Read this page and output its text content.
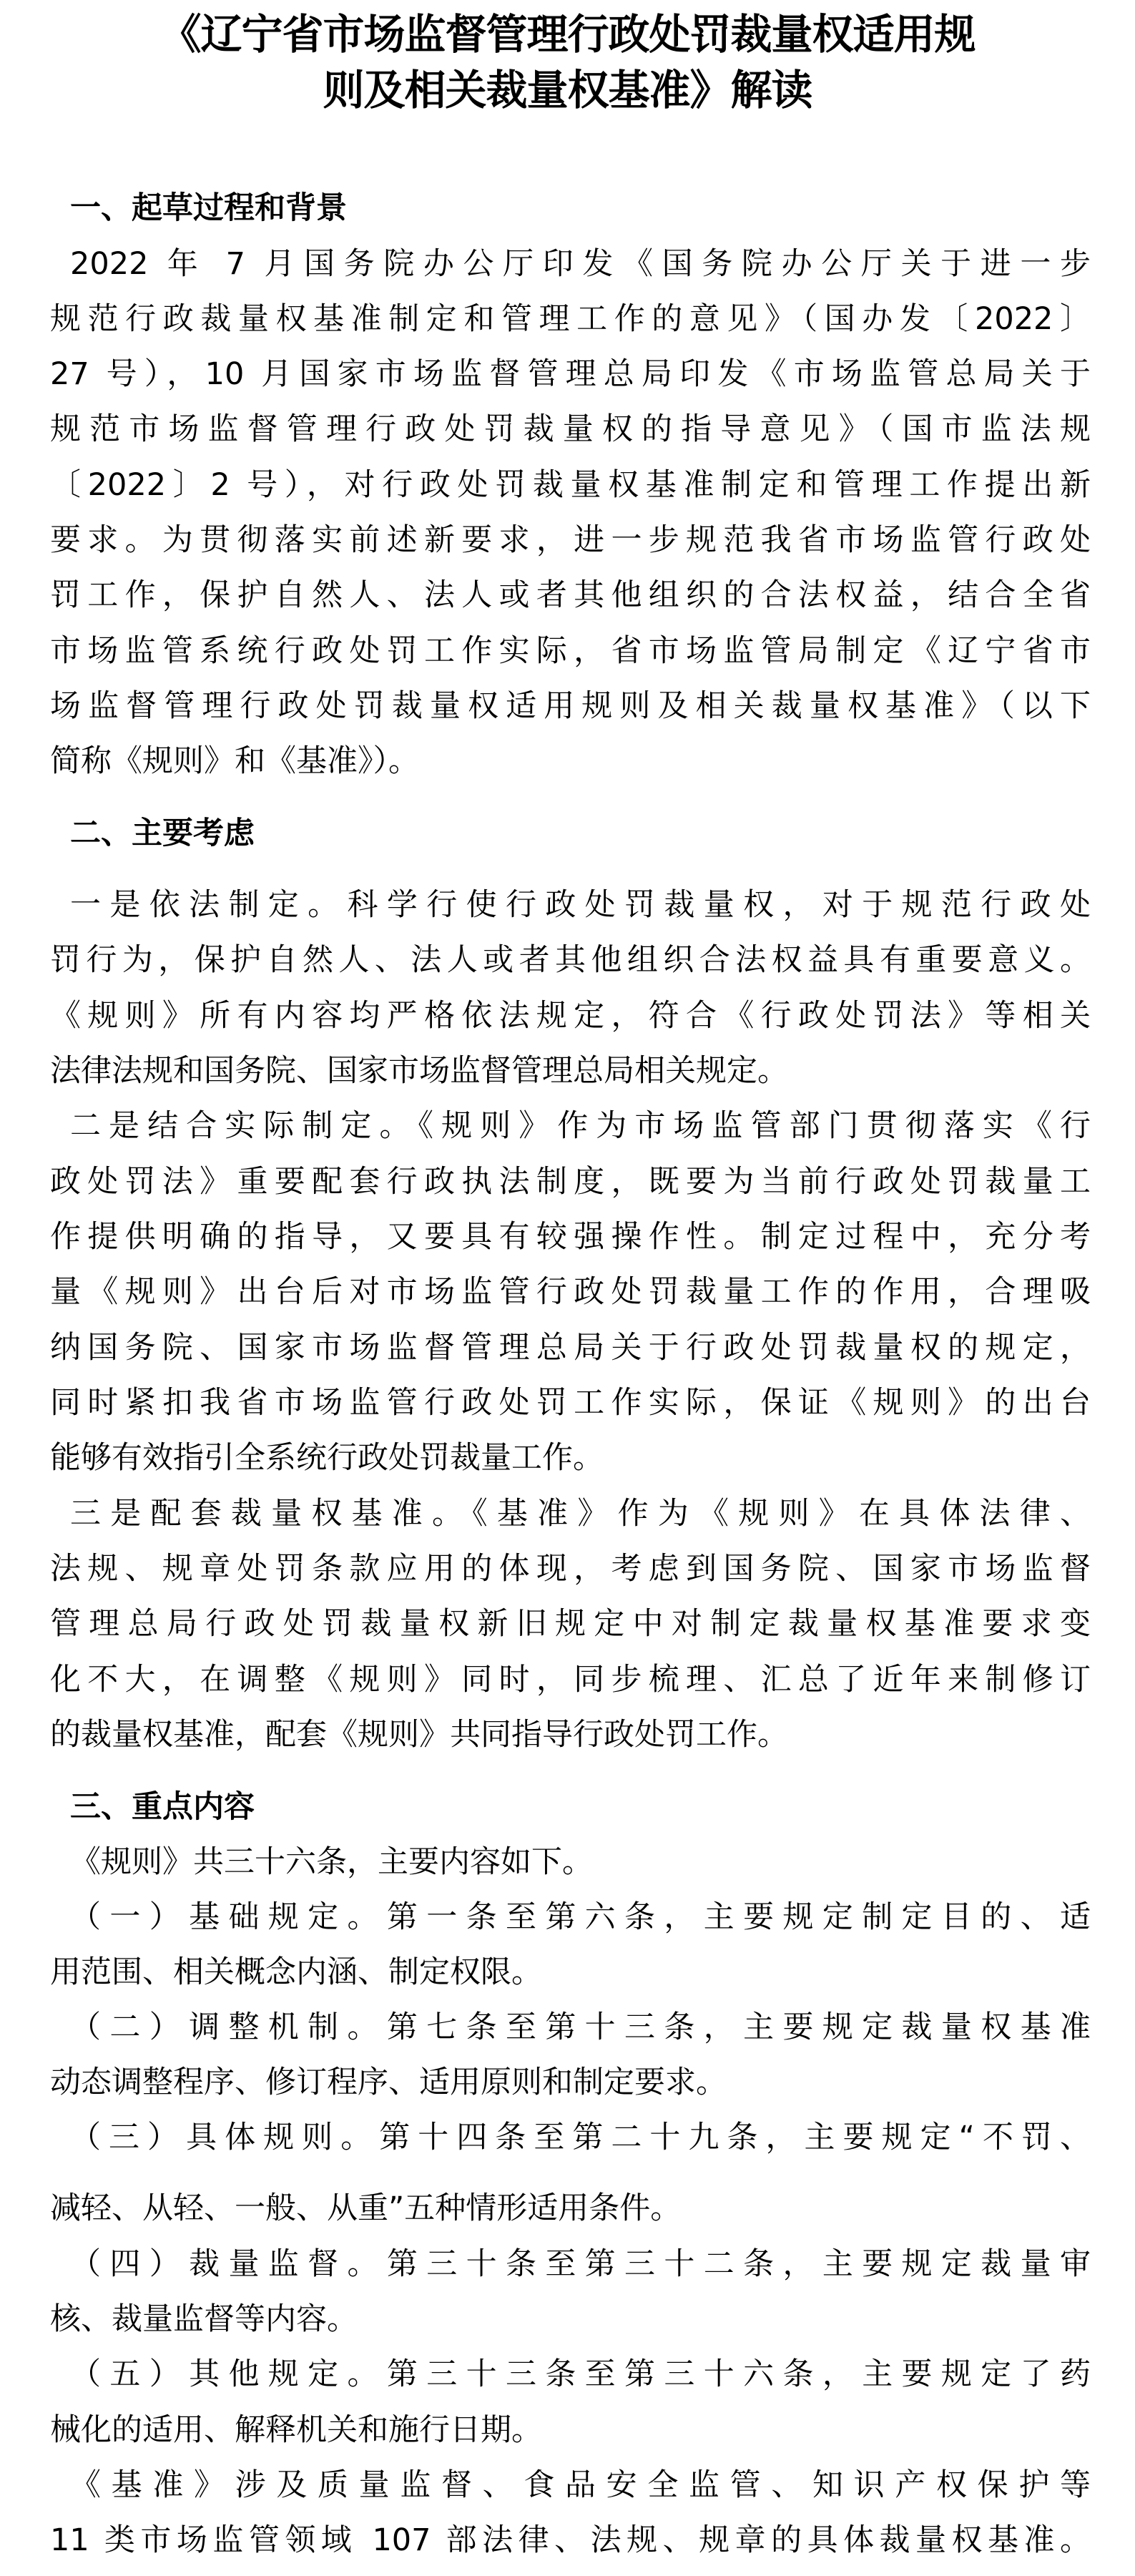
《辽宁省市场监督管理行政处罚裁量权适用规
则及相关裁量权基准》解读
一、起草过程和背景
2022 年 7 月国务院办公厅印发《国务院办公厅关于进一步
规范行政裁量权基准制定和管理工作的意见》（国办发〔2022〕
27 号），10 月国家市场监督管理总局印发《市场监管总局关于
规范市场监督管理行政处罚裁量权的指导意见》（国市监法规
〔2022〕2 号），对行政处罚裁量权基准制定和管理工作提出新
要求。为贯彻落实前述新要求，进一步规范我省市场监管行政处
罚工作，保护自然人、法人或者其他组织的合法权益，结合全省
市场监管系统行政处罚工作实际，省市场监管局制定《辽宁省市
场监督管理行政处罚裁量权适用规则及相关裁量权基准》（以下
简称《规则》和《基准》）。
二、主要考虑
一是依法制定。科学行使行政处罚裁量权，对于规范行政处
罚行为，保护自然人、法人或者其他组织合法权益具有重要意义。
《规则》所有内容均严格依法规定，符合《行政处罚法》等相关
法律法规和国务院、国家市场监督管理总局相关规定。
二是结合实际制定。《规则》作为市场监管部门贯彻落实《行
政处罚法》重要配套行政执法制度，既要为当前行政处罚裁量工
作提供明确的指导，又要具有较强操作性。制定过程中，充分考
量《规则》出台后对市场监管行政处罚裁量工作的作用，合理吸
纳国务院、国家市场监督管理总局关于行政处罚裁量权的规定，
同时紧扣我省市场监管行政处罚工作实际，保证《规则》的出台
能够有效指引全系统行政处罚裁量工作。
三是配套裁量权基准。《基准》作为《规则》在具体法律、
法规、规章处罚条款应用的体现，考虑到国务院、国家市场监督
管理总局行政处罚裁量权新旧规定中对制定裁量权基准要求变
化不大，在调整《规则》同时，同步梳理、汇总了近年来制修订
的裁量权基准，配套《规则》共同指导行政处罚工作。
三、重点内容
《规则》共三十六条，主要内容如下。
（一）基础规定。第一条至第六条，主要规定制定目的、适
用范围、相关概念内涵、制定权限。
（二）调整机制。第七条至第十三条，主要规定裁量权基准
动态调整程序、修订程序、适用原则和制定要求。
（三）具体规则。第十四条至第二十九条，主要规定“不罚、
减轻、从轻、一般、从重”五种情形适用条件。
（四）裁量监督。第三十条至第三十二条，主要规定裁量审
核、裁量监督等内容。
（五）其他规定。第三十三条至第三十六条，主要规定了药
械化的适用、解释机关和施行日期。
《基准》涉及质量监督、食品安全监管、知识产权保护等
11 类市场监管领域 107 部法律、法规、规章的具体裁量权基准。
